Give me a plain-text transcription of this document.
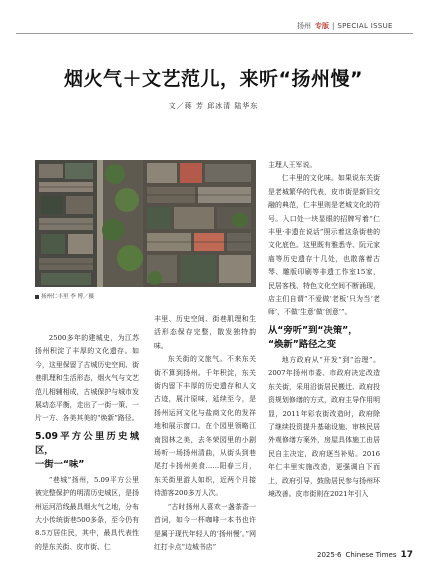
扬州 专版 | SPECIAL ISSUE
烟火气＋文艺范儿，来听“扬州慢”
文／蒋 芳 邱冰清 陆华东
扬州仁丰里 李 博／摄

2500多年的建城史，为江苏扬州积淀了丰厚的文化遗存。如今，这里保留了古城历史空间、街巷肌理和生活形态，烟火气与文艺范儿相辅相成，古城保护与城市发展动态平衡，走出了一街一策、一片一方、各美其美的“焕新”路径。

5.09平方公里历史城区，
一街一“味”

“巷城”扬州，5.09平方公里被完整保护的明清历史城区，是扬州运河沿线最具烟火气之地，分布大小传统街巷500多条，至今仍有8.5万居住民，其中，最具代表性的是东关街、皮市街、仁

丰里、历史空间、街巷肌理和生活形态保存完整，散发独特韵味。

东关街的文旅气。不来东关街不算到扬州。千年积淀，东关街内留下丰厚的历史遗存和人文古迹，展汁原味，延续至今，是扬州运河文化与盐商文化的发祥地和展示窗口。在个园里领略江南园林之美，去冬荣园里的小剧场听一场扬州清曲，从街头到巷尾打卡扬州美食……阳春三月，东关街里游人如织，近两个月接待游客200多万人次。

“古时扬州人喜欢一盏茶香一首词，如今一杯咖啡一本书也许是属于现代年轻人的‘扬州慢’。”网红打卡点“边城书店”

主理人王军说。

仁丰里的文化味。如果说东关街是老城繁华的代表，皮市街是新旧交融的典范，仁丰里则是老城文化的符号。入口处一块显眼的招牌写着“仁丰里·非遗在说话”照示着这条街巷的文化底色。这里既有雅悉寺、阮元家庙等历史遗存十几处，也散落着古琴、雕版印刷等非遗工作室15家，民居客栈、特色文化空间不断涌现，店主们自谓“不爱做‘老板’只为当‘老师’，不做‘生意’做‘创意’”。

从“旁听”到“决策”，
“焕新”路径之变

地方政府从“开发”到“治理”。2007年扬州市委、市政府决定改造东关街，采用沿街居民搬迁、政府投资规划修缮的方式，政府主导作用明显，2011年彩农街改造时，政府除了继续投资提升基础设施、审核民居外观修缮方案外，房屋具体施工由居民自主决定，政府逐当补贴。2016年仁丰里实施改造，更强调自下而上，政府引导，鼓励居民参与扬州环境改善。皮市街则在2021年引入

2025·6 Chinese Times 17
